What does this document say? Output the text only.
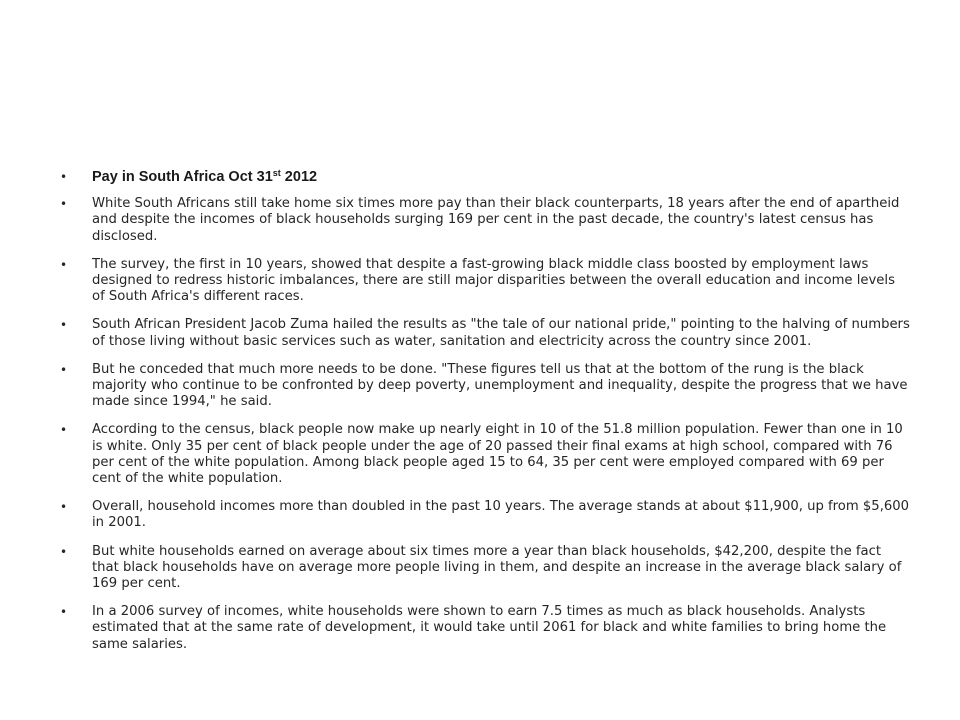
•	Pay in South Africa Oct 31st 2012
•	White South Africans still take home six times more pay than their black counterparts, 18 years after the end of apartheid and despite the incomes of black households surging 169 per cent in the past decade, the country's latest census has disclosed.
•	The survey, the first in 10 years, showed that despite a fast-growing black middle class boosted by employment laws designed to redress historic imbalances, there are still major disparities between the overall education and income levels of South Africa's different races.
•	South African President Jacob Zuma hailed the results as "the tale of our national pride," pointing to the halving of numbers of those living without basic services such as water, sanitation and electricity across the country since 2001.
•	But he conceded that much more needs to be done. "These figures tell us that at the bottom of the rung is the black majority who continue to be confronted by deep poverty, unemployment and inequality, despite the progress that we have made since 1994," he said.
•	According to the census, black people now make up nearly eight in 10 of the 51.8 million population. Fewer than one in 10 is white. Only 35 per cent of black people under the age of 20 passed their final exams at high school, compared with 76 per cent of the white population. Among black people aged 15 to 64, 35 per cent were employed compared with 69 per cent of the white population.
•	Overall, household incomes more than doubled in the past 10 years. The average stands at about $11,900, up from $5,600 in 2001.
•	But white households earned on average about six times more a year than black households, $42,200, despite the fact that black households have on average more people living in them, and despite an increase in the average black salary of 169 per cent.
•	In a 2006 survey of incomes, white households were shown to earn 7.5 times as much as black households. Analysts estimated that at the same rate of development, it would take until 2061 for black and white families to bring home the same salaries.
